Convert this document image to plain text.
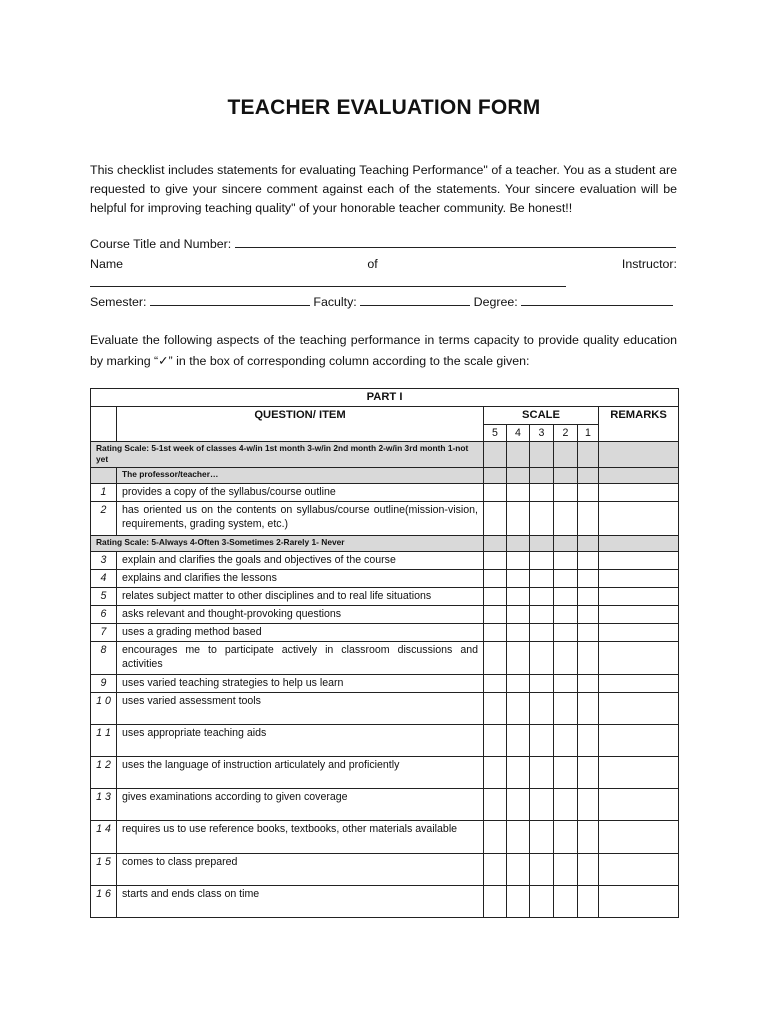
TEACHER EVALUATION FORM
This checklist includes statements for evaluating Teaching Performance" of a teacher. You as a student are requested to give your sincere comment against each of the statements. Your sincere evaluation will be helpful for improving teaching quality" of your honorable teacher community. Be honest!!
Course Title and Number:
Name	of	Instructor:
Semester:	Faculty:	Degree:
Evaluate the following aspects of the teaching performance in terms capacity to provide quality education by marking “✓” in the box of corresponding column according to the scale given:
PART I							
	QUESTION/ ITEM	SCALE					REMARKS
		5	4	3	2	1	
Rating Scale: 5-1st week of classes 4-w/in 1st month 3-w/in 2nd month 2-w/in 3rd month 1-not yet							
	The professor/teacher…						
1	provides a copy of the syllabus/course outline						
2	has oriented us on the contents on syllabus/course outline(mission-vision, requirements, grading system, etc.)						
Rating Scale: 5-Always 4-Often 3-Sometimes 2-Rarely 1- Never							
3	explain and clarifies the goals and objectives of the course						
4	explains and clarifies the lessons						
5	relates subject matter to other disciplines and to real life situations						
6	asks relevant and thought-provoking questions						
7	uses a grading method based						
8	encourages me to participate actively in classroom discussions and activities						
9	uses varied teaching strategies to help us learn						
1 0	uses varied assessment tools						
1 1	uses appropriate teaching aids						
1 2	uses the language of instruction articulately and proficiently						
1 3	gives examinations according to given coverage						
1 4	requires us to use reference books, textbooks, other materials available						
1 5	comes to class prepared						
1 6	starts and ends class on time						
